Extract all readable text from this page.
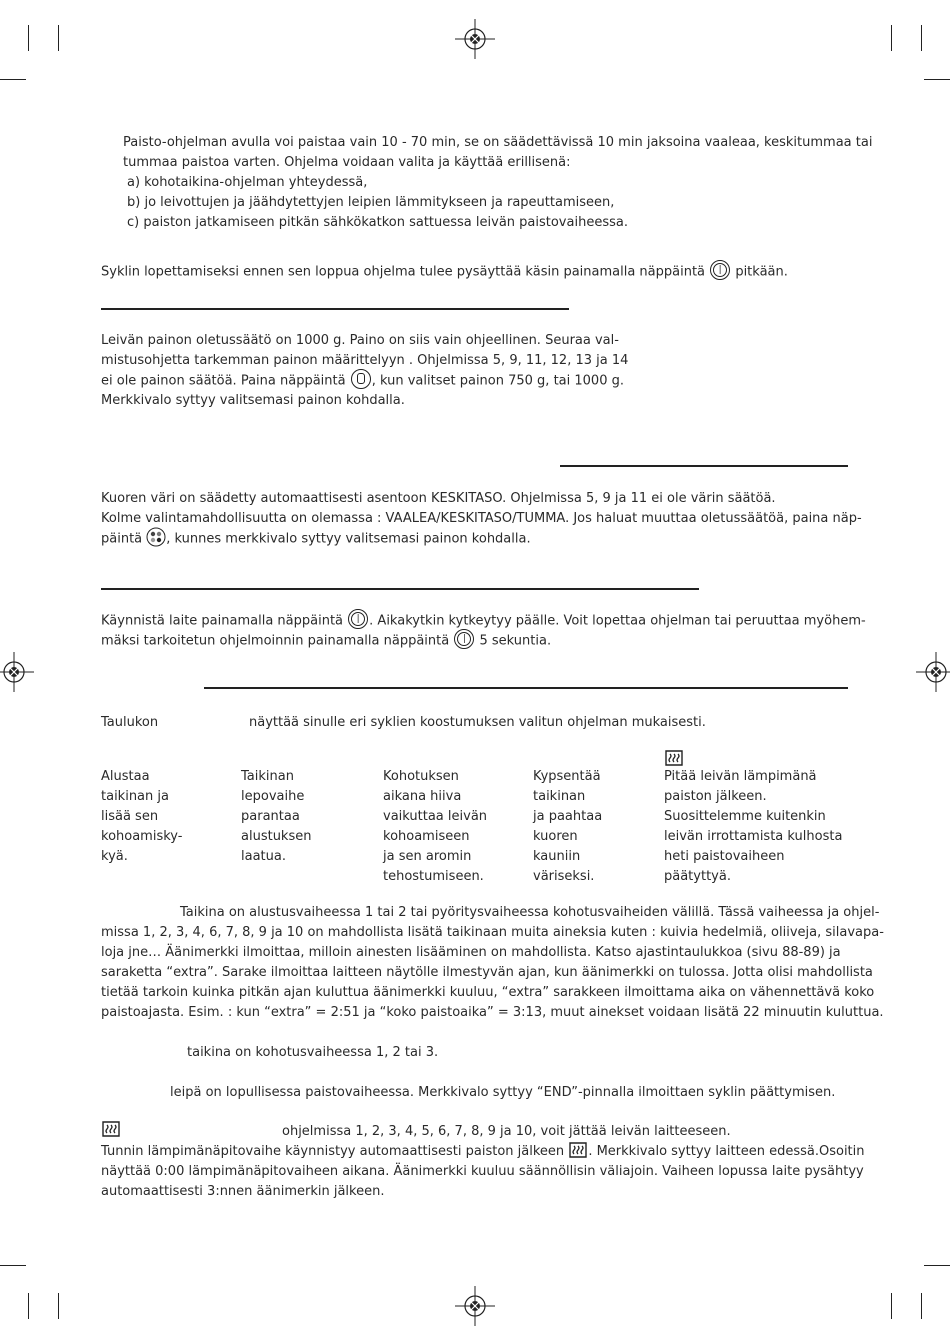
Paisto-ohjelman avulla voi paistaa vain 10 - 70 min, se on säädettävissä 10 min jaksoina vaaleaa, keskitummaa tai
tummaa paistoa varten. Ohjelma voidaan valita ja käyttää erillisenä:
a) kohotaikina-ohjelman yhteydessä,
b) jo leivottujen ja jäähdytettyjen leipien lämmitykseen ja rapeuttamiseen,
c) paiston jatkamiseen pitkän sähkökatkon sattuessa leivän paistovaiheessa.
Syklin lopettamiseksi ennen sen loppua ohjelma tulee pysäyttää käsin painamalla näppäintä | pitkään.
Leivän painon oletussäätö on 1000 g. Paino on siis vain ohjeellinen. Seuraa val-
mistusohjetta tarkemman painon määrittelyyn . Ohjelmissa 5, 9, 11, 12, 13 ja 14
ei ole painon säätöä. Paina näppäintä , kun valitset painon 750 g, tai 1000 g.
Merkkivalo syttyy valitsemasi painon kohdalla.
Kuoren väri on säädetty automaattisesti asentoon KESKITASO. Ohjelmissa 5, 9 ja 11 ei ole värin säätöä.
Kolme valintamahdollisuutta on olemassa : VAALEA/KESKITASO/TUMMA. Jos haluat muuttaa oletussäätöä, paina näp-
päintä , kunnes merkkivalo syttyy valitsemasi painon kohdalla.
Käynnistä laite painamalla näppäintä | . Aikakytkin kytkeytyy päälle. Voit lopettaa ohjelman tai peruuttaa myöhem-
mäksi tarkoitetun ohjelmoinnin painamalla näppäintä | 5 sekuntia.
Taulukon	näyttää sinulle eri syklien koostumuksen valitun ohjelman mukaisesti.
Alustaa
taikinan ja
lisää sen
kohoamisky-
kyä.
Taikinan
lepovaihe
parantaa
alustuksen
laatua.
Kohotuksen
aikana hiiva
vaikuttaa leivän
kohoamiseen
ja sen aromin
tehostumiseen.
Kypsentää
taikinan
ja paahtaa
kuoren
kauniin
väriseksi.
Pitää leivän lämpimänä
paiston jälkeen.
Suosittelemme kuitenkin
leivän irrottamista kulhosta
heti paistovaiheen
päätyttyä.
Taikina on alustusvaiheessa 1 tai 2 tai pyöritysvaiheessa kohotusvaiheiden välillä. Tässä vaiheessa ja ohjel-
missa 1, 2, 3, 4, 6, 7, 8, 9 ja 10 on mahdollista lisätä taikinaan muita aineksia kuten : kuivia hedelmiä, oliiveja, silavapa-
loja jne… Äänimerkki ilmoittaa, milloin ainesten lisääminen on mahdollista. Katso ajastintaulukkoa (sivu 88-89) ja
saraketta “extra”. Sarake ilmoittaa laitteen näytölle ilmestyvän ajan, kun äänimerkki on tulossa. Jotta olisi mahdollista
tietää tarkoin kuinka pitkän ajan kuluttua äänimerkki kuuluu, “extra” sarakkeen ilmoittama aika on vähennettävä koko
paistoajasta. Esim. : kun “extra” = 2:51 ja “koko paistoaika” = 3:13, muut ainekset voidaan lisätä 22 minuutin kuluttua.
taikina on kohotusvaiheessa 1, 2 tai 3.
leipä on lopullisessa paistovaiheessa. Merkkivalo syttyy “END”-pinnalla ilmoittaen syklin päättymisen.
ohjelmissa 1, 2, 3, 4, 5, 6, 7, 8, 9 ja 10, voit jättää leivän laitteeseen.
Tunnin lämpimänäpitovaihe käynnistyy automaattisesti paiston jälkeen . Merkkivalo syttyy laitteen edessä.Osoitin
näyttää 0:00 lämpimänäpitovaiheen aikana. Äänimerkki kuuluu säännöllisin väliajoin. Vaiheen lopussa laite pysähtyy
automaattisesti 3:nnen äänimerkin jälkeen.
